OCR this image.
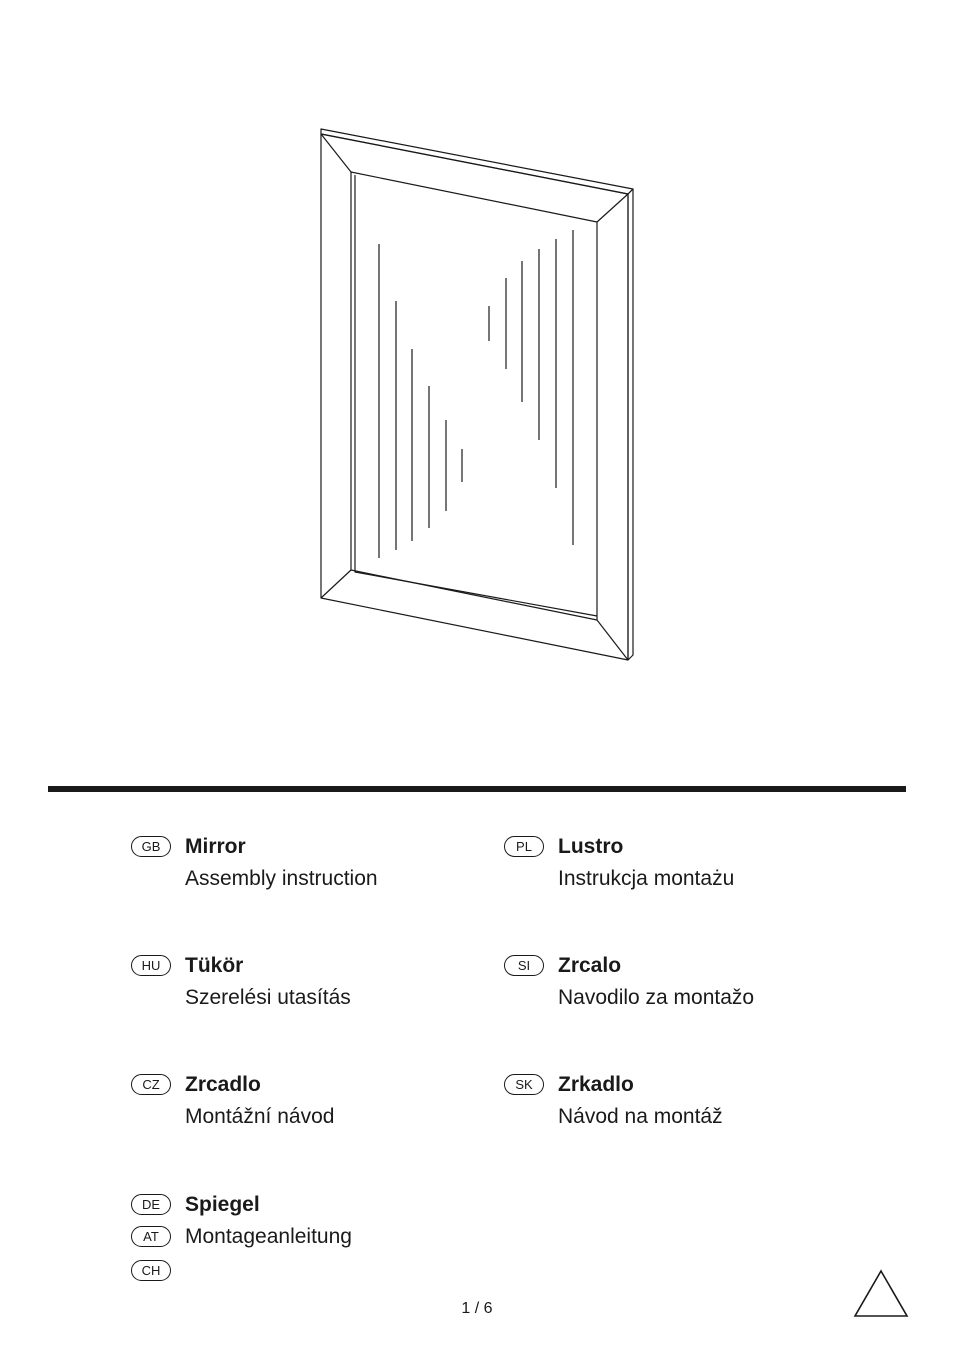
GB	Mirror
Assembly instruction
PL	Lustro
Instrukcja montażu
HU	Tükör
Szerelési utasítás
SI	Zrcalo
Navodilo za montažo
CZ	Zrcadlo
Montážní návod
SK	Zrkadlo
Návod na montáž
DE	Spiegel
AT	Montageanleitung
CH
1 / 6
